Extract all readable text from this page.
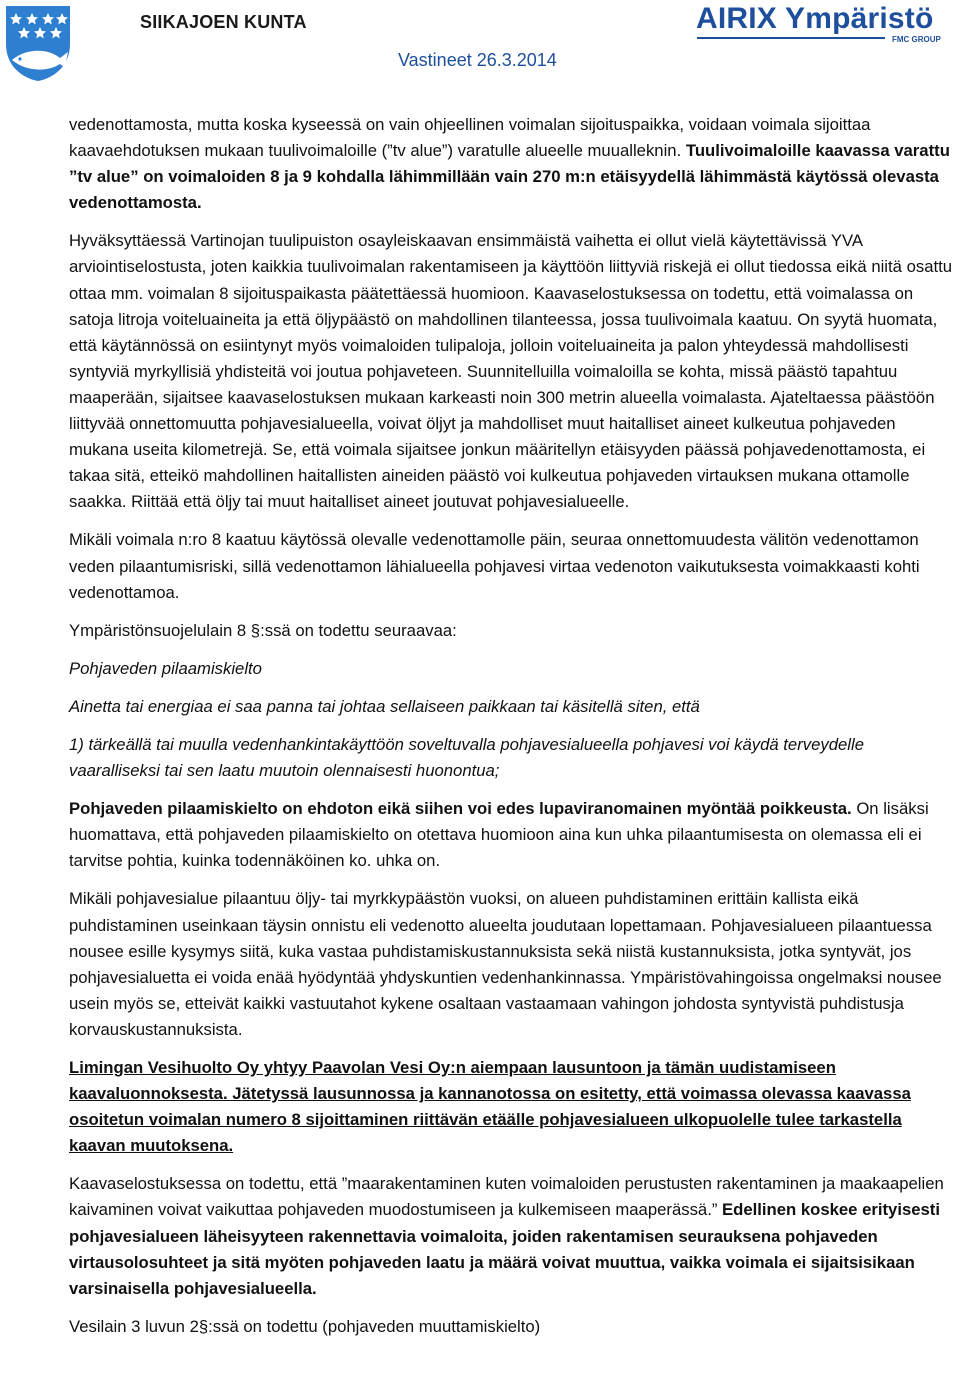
SIIKAJOEN KUNTA	AIRIX Ympäristö
FMC GROUP
Vastineet 26.3.2014

vedenottamosta, mutta koska kyseessä on vain ohjeellinen voimalan sijoituspaikka, voidaan voimala sijoittaa kaavaehdotuksen mukaan tuulivoimaloille (”tv alue”) varatulle alueelle muualleknin. Tuulivoimaloille kaavassa varattu ”tv alue” on voimaloiden 8 ja 9 kohdalla lähimmillään vain 270 m:n etäisyydellä lähimmästä käytössä olevasta vedenottamosta.

Hyväksyttäessä Vartinojan tuulipuiston osayleiskaavan ensimmäistä vaihetta ei ollut vielä käytettävissä YVA arviointiselostusta, joten kaikkia tuulivoimalan rakentamiseen ja käyttöön liittyviä riskejä ei ollut tiedossa eikä niitä osattu ottaa mm. voimalan 8 sijoituspaikasta päätettäessä huomioon. Kaavaselostuksessa on todettu, että voimalassa on satoja litroja voiteluaineita ja että öljypäästö on mahdollinen tilanteessa, jossa tuulivoimala kaatuu. On syytä huomata, että käytännössä on esiintynyt myös voimaloiden tulipaloja, jolloin voiteluaineita ja palon yhteydessä mahdollisesti syntyviä myrkyllisiä yhdisteitä voi joutua pohjaveteen. Suunnitelluilla voimaloilla se kohta, missä päästö tapahtuu maaperään, sijaitsee kaavaselostuksen mukaan karkeasti noin 300 metrin alueella voimalasta. Ajateltaessa päästöön liittyvää onnettomuutta pohjavesialueella, voivat öljyt ja mahdolliset muut haitalliset aineet kulkeutua pohjaveden mukana useita kilometrejä. Se, että voimala sijaitsee jonkun määritellyn etäisyyden päässä pohjavedenottamosta, ei takaa sitä, etteikö mahdollinen haitallisten aineiden päästö voi kulkeutua pohjaveden virtauksen mukana ottamolle saakka. Riittää että öljy tai muut haitalliset aineet joutuvat pohjavesialueelle.

Mikäli voimala n:ro 8 kaatuu käytössä olevalle vedenottamolle päin, seuraa onnettomuudesta välitön vedenottamon veden pilaantumisriski, sillä vedenottamon lähialueella pohjavesi virtaa vedenoton vaikutuksesta voimakkaasti kohti vedenottamoa.

Ympäristönsuojelulain 8 §:ssä on todettu seuraavaa:

Pohjaveden pilaamiskielto

Ainetta tai energiaa ei saa panna tai johtaa sellaiseen paikkaan tai käsitellä siten, että

1) tärkeällä tai muulla vedenhankintakäyttöön soveltuvalla pohjavesialueella pohjavesi voi käydä terveydelle vaaralliseksi tai sen laatu muutoin olennaisesti huonontua;

Pohjaveden pilaamiskielto on ehdoton eikä siihen voi edes lupaviranomainen myöntää poikkeusta. On lisäksi huomattava, että pohjaveden pilaamiskielto on otettava huomioon aina kun uhka pilaantumisesta on olemassa eli ei tarvitse pohtia, kuinka todennäköinen ko. uhka on.

Mikäli pohjavesialue pilaantuu öljy- tai myrkkypäästön vuoksi, on alueen puhdistaminen erittäin kallista eikä puhdistaminen useinkaan täysin onnistu eli vedenotto alueelta joudutaan lopettamaan. Pohjavesialueen pilaantuessa nousee esille kysymys siitä, kuka vastaa puhdistamiskustannuksista sekä niistä kustannuksista, jotka syntyvät, jos pohjavesialuetta ei voida enää hyödyntää yhdyskuntien vedenhankinnassa. Ympäristövahingoissa ongelmaksi nousee usein myös se, etteivät kaikki vastuutahot kykene osaltaan vastaamaan vahingon johdosta syntyvistä puhdistusja korvauskustannuksista.

Limingan Vesihuolto Oy yhtyy Paavolan Vesi Oy:n aiempaan lausuntoon ja tämän uudistamiseen kaavaluonnoksesta. Jätetyssä lausunnossa ja kannanotossa on esitetty, että voimassa olevassa kaavassa osoitetun voimalan numero 8 sijoittaminen riittävän etäälle pohjavesialueen ulkopuolelle tulee tarkastella kaavan muutoksena.

Kaavaselostuksessa on todettu, että ”maarakentaminen kuten voimaloiden perustusten rakentaminen ja maakaapelien kaivaminen voivat vaikuttaa pohjaveden muodostumiseen ja kulkemiseen maaperässä.” Edellinen koskee erityisesti pohjavesialueen läheisyyteen rakennettavia voimaloita, joiden rakentamisen seurauksena pohjaveden virtausolosuhteet ja sitä myöten pohjaveden laatu ja määrä voivat muuttua, vaikka voimala ei sijaitsisikaan varsinaisella pohjavesialueella.

Vesilain 3 luvun 2§:ssä on todettu (pohjaveden muuttamiskielto)
